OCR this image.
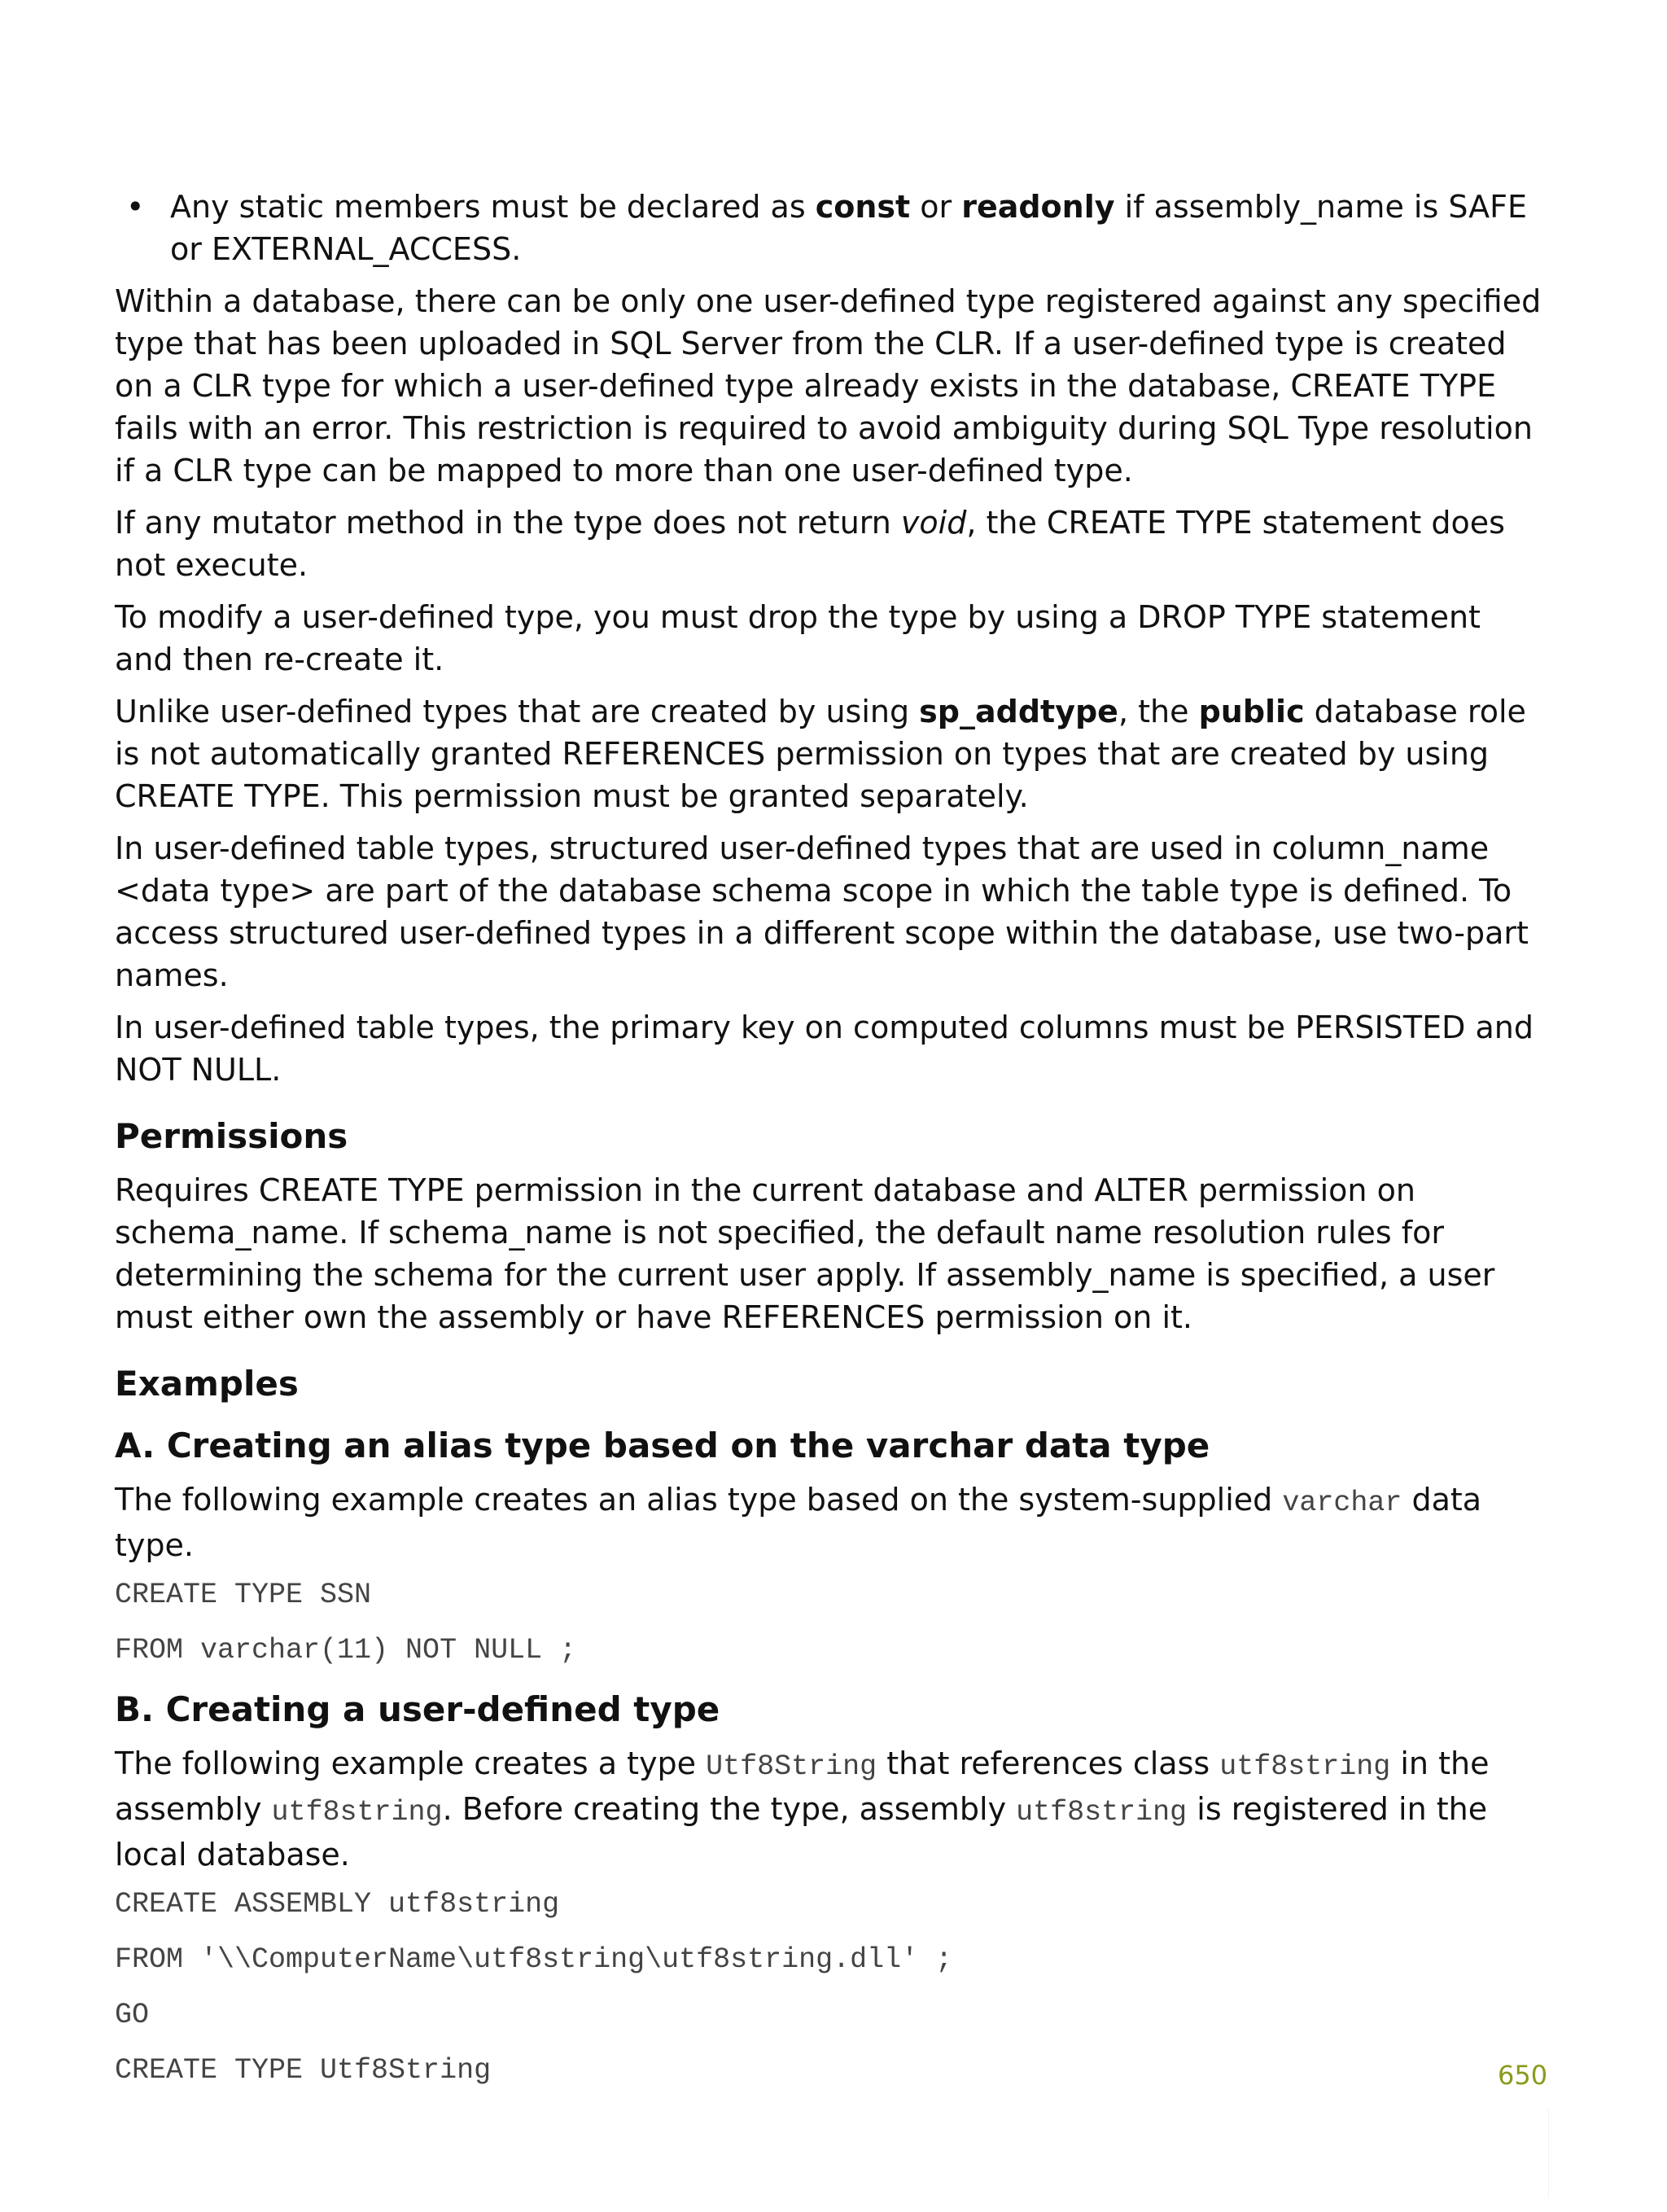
• Any static members must be declared as const or readonly if assembly_name is SAFE or EXTERNAL_ACCESS.

Within a database, there can be only one user-defined type registered against any specified type that has been uploaded in SQL Server from the CLR. If a user-defined type is created on a CLR type for which a user-defined type already exists in the database, CREATE TYPE fails with an error. This restriction is required to avoid ambiguity during SQL Type resolution if a CLR type can be mapped to more than one user-defined type.

If any mutator method in the type does not return void, the CREATE TYPE statement does not execute.

To modify a user-defined type, you must drop the type by using a DROP TYPE statement and then re-create it.

Unlike user-defined types that are created by using sp_addtype, the public database role is not automatically granted REFERENCES permission on types that are created by using CREATE TYPE. This permission must be granted separately.

In user-defined table types, structured user-defined types that are used in column_name <data type> are part of the database schema scope in which the table type is defined. To access structured user-defined types in a different scope within the database, use two-part names.

In user-defined table types, the primary key on computed columns must be PERSISTED and NOT NULL.

Permissions

Requires CREATE TYPE permission in the current database and ALTER permission on schema_name. If schema_name is not specified, the default name resolution rules for determining the schema for the current user apply. If assembly_name is specified, a user must either own the assembly or have REFERENCES permission on it.

Examples
A. Creating an alias type based on the varchar data type

The following example creates an alias type based on the system-supplied varchar data type.

CREATE TYPE SSN
FROM varchar(11) NOT NULL ;
B. Creating a user-defined type

The following example creates a type Utf8String that references class utf8string in the assembly utf8string. Before creating the type, assembly utf8string is registered in the local database.

CREATE ASSEMBLY utf8string
FROM '\\ComputerName\utf8string\utf8string.dll' ;
GO
CREATE TYPE Utf8String	650
